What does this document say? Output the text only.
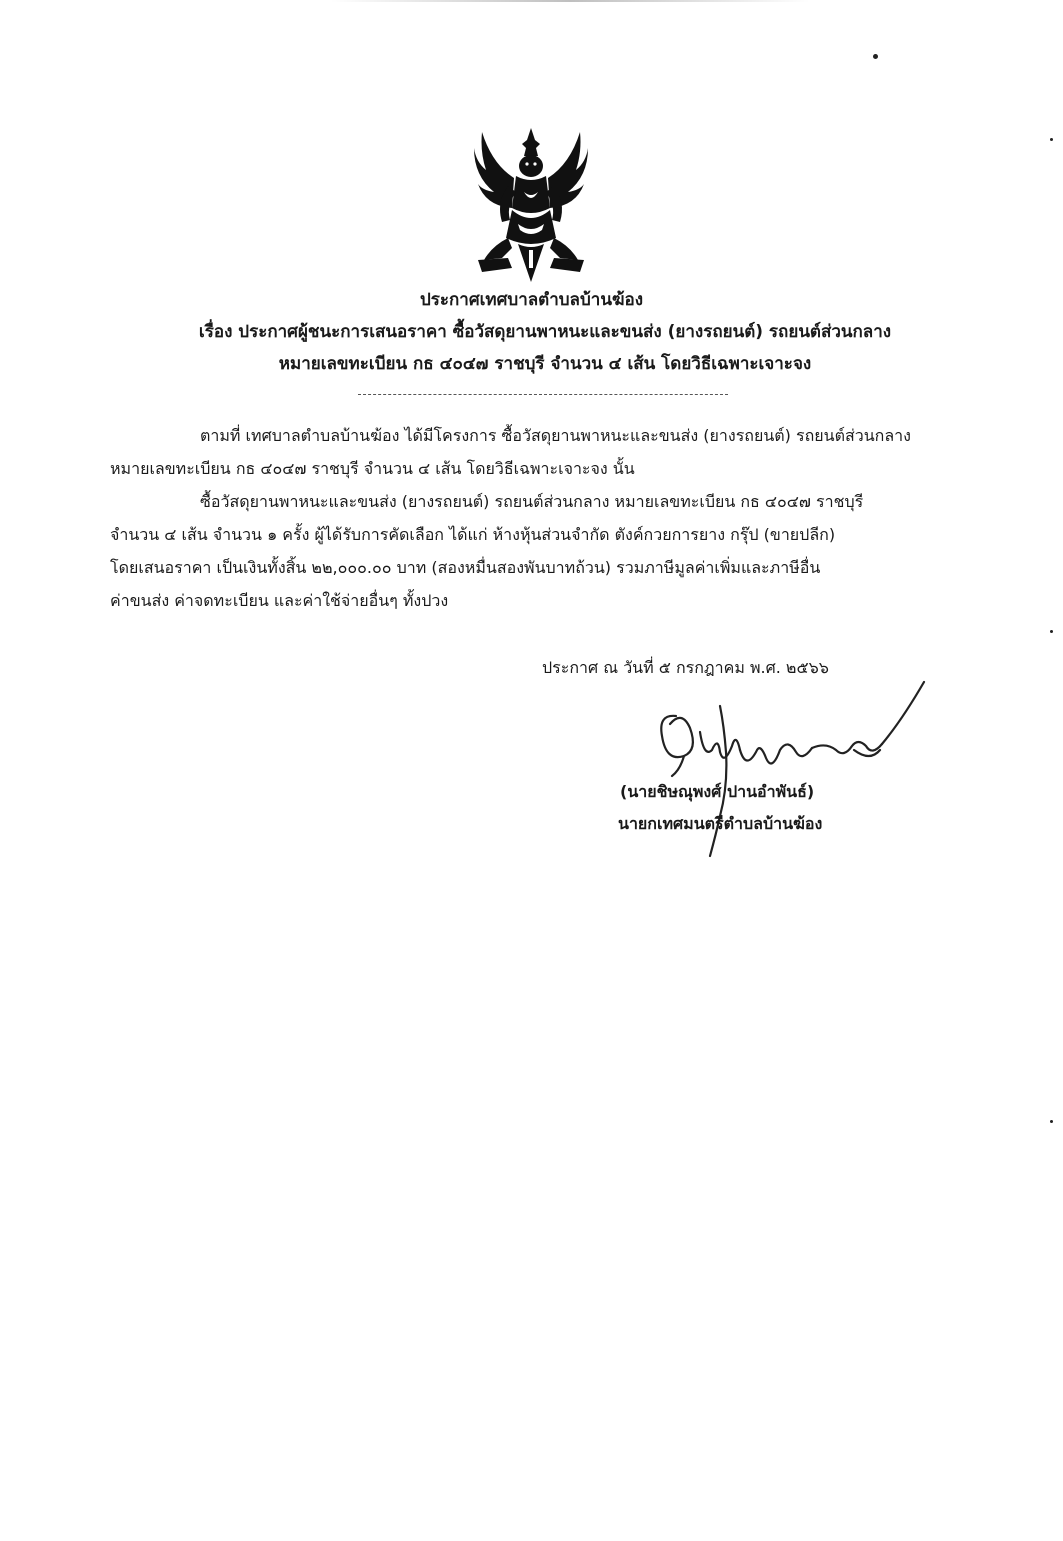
ประกาศเทศบาลตำบลบ้านฆ้อง
เรื่อง ประกาศผู้ชนะการเสนอราคา ซื้อวัสดุยานพาหนะและขนส่ง (ยางรถยนต์) รถยนต์ส่วนกลาง
หมายเลขทะเบียน กธ ๔๐๔๗ ราชบุรี จำนวน ๔ เส้น โดยวิธีเฉพาะเจาะจง
ตามที่ เทศบาลตำบลบ้านฆ้อง ได้มีโครงการ ซื้อวัสดุยานพาหนะและขนส่ง (ยางรถยนต์) รถยนต์ส่วนกลาง
หมายเลขทะเบียน กธ ๔๐๔๗ ราชบุรี จำนวน ๔ เส้น โดยวิธีเฉพาะเจาะจง นั้น
ซื้อวัสดุยานพาหนะและขนส่ง (ยางรถยนต์) รถยนต์ส่วนกลาง หมายเลขทะเบียน กธ ๔๐๔๗ ราชบุรี
จำนวน ๔ เส้น จำนวน ๑ ครั้ง ผู้ได้รับการคัดเลือก ได้แก่ ห้างหุ้นส่วนจำกัด ตังค์กวยการยาง กรุ๊ป (ขายปลีก)
โดยเสนอราคา เป็นเงินทั้งสิ้น ๒๒,๐๐๐.๐๐ บาท (สองหมื่นสองพันบาทถ้วน) รวมภาษีมูลค่าเพิ่มและภาษีอื่น
ค่าขนส่ง ค่าจดทะเบียน และค่าใช้จ่ายอื่นๆ ทั้งปวง
ประกาศ ณ วันที่ ๕ กรกฎาคม พ.ศ. ๒๕๖๖
(นายชิษณุพงศ์ ปานอำพันธ์)
นายกเทศมนตรีตำบลบ้านฆ้อง
